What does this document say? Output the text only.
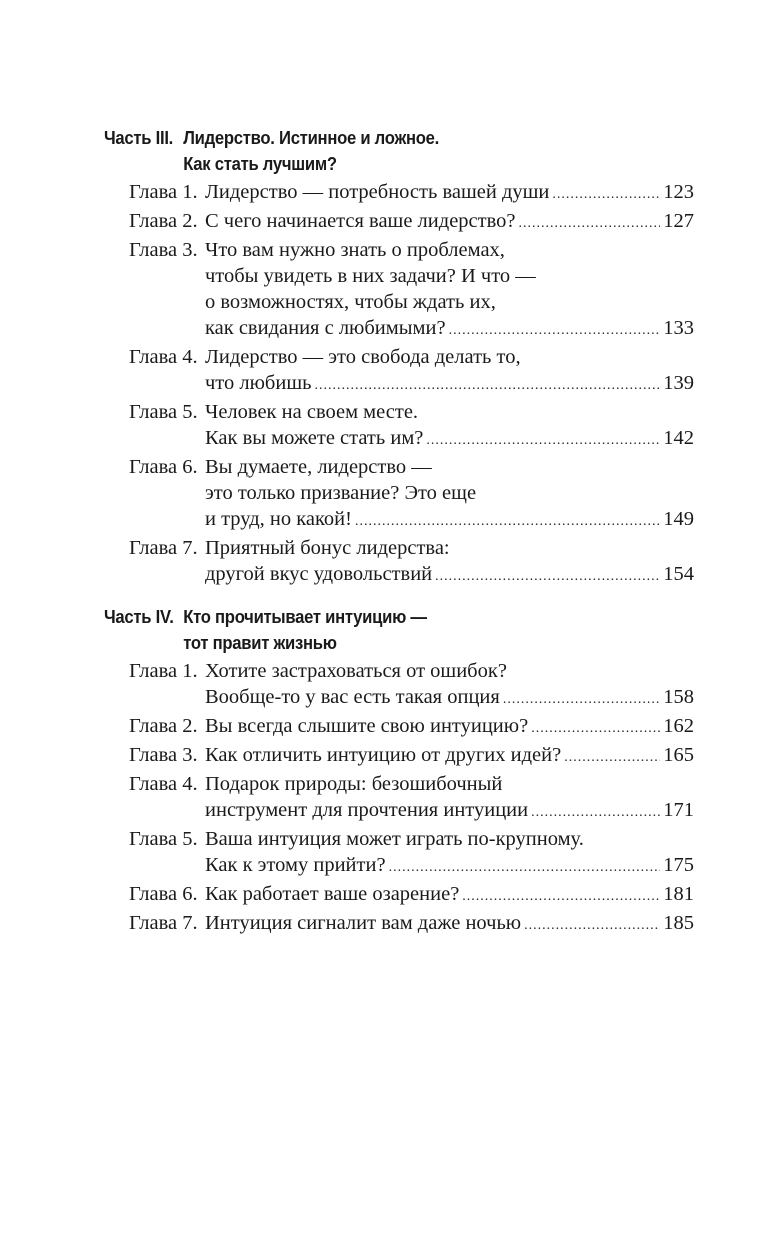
Часть III. Лидерство. Истинное и ложное.
Как стать лучшим?
Глава 1. Лидерство — потребность вашей души .....	123
Глава 2. С чего начинается ваше лидерство? .....	127
Глава 3. Что вам нужно знать о проблемах,
чтобы увидеть в них задачи? И что —
о возможностях, чтобы ждать их,
как свидания с любимыми? .....	133
Глава 4. Лидерство — это свобода делать то,
что любишь .....	139
Глава 5. Человек на своем месте.
Как вы можете стать им? .....	142
Глава 6. Вы думаете, лидерство —
это только призвание? Это еще
и труд, но какой! .....	149
Глава 7. Приятный бонус лидерства:
другой вкус удовольствий .....	154
Часть IV. Кто прочитывает интуицию —
тот правит жизнью
Глава 1. Хотите застраховаться от ошибок?
Вообще-то у вас есть такая опция .....	158
Глава 2. Вы всегда слышите свою интуицию? .....	162
Глава 3. Как отличить интуицию от других идей? .....	165
Глава 4. Подарок природы: безошибочный
инструмент для прочтения интуиции .....	171
Глава 5. Ваша интуиция может играть по-крупному.
Как к этому прийти? .....	175
Глава 6. Как работает ваше озарение? .....	181
Глава 7. Интуиция сигналит вам даже ночью .....	185
